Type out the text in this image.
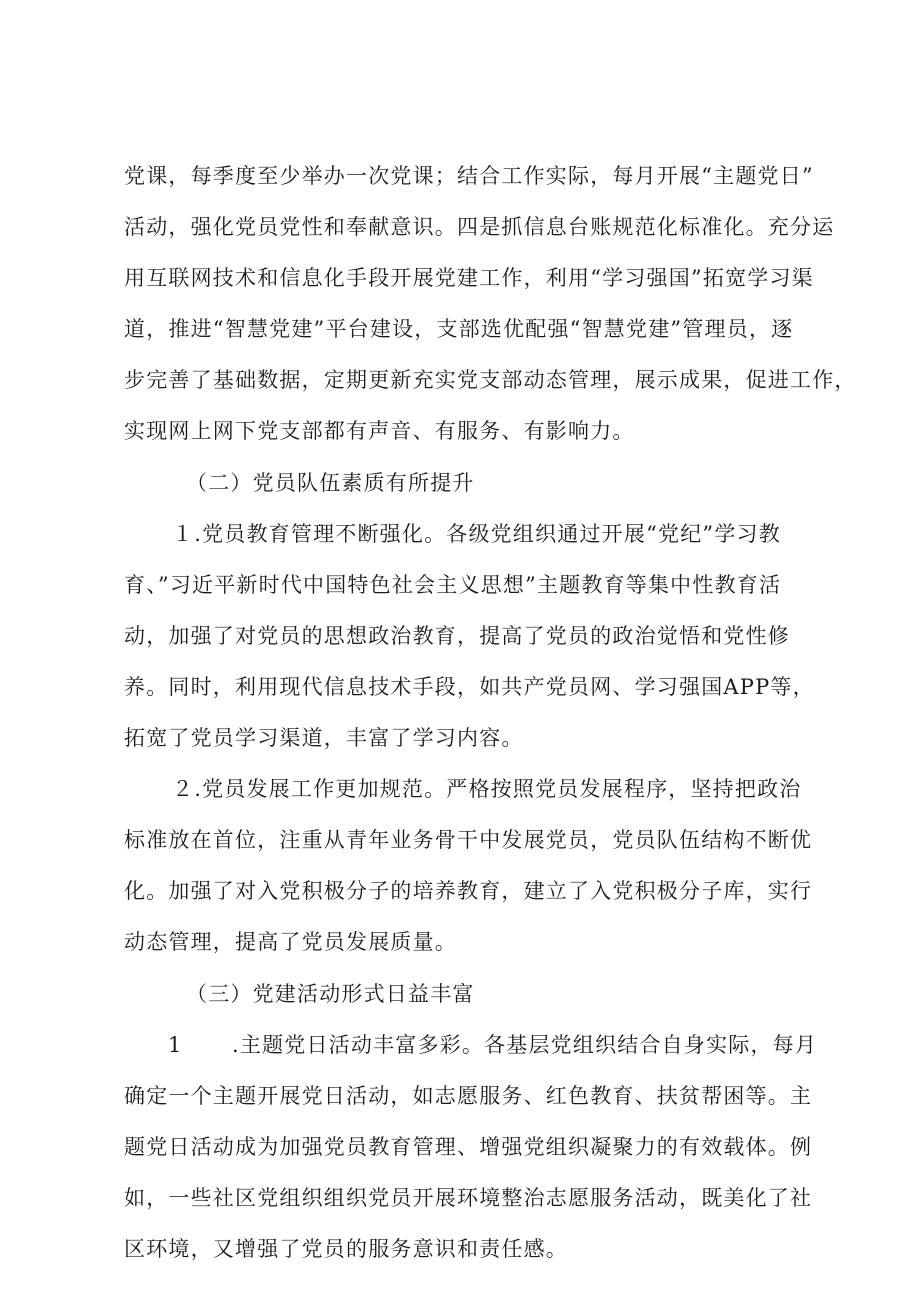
党课，每季度至少举办一次党课；结合工作实际，每月开展“主题党日”

活动，强化党员党性和奉献意识。四是抓信息台账规范化标准化。充分运

用互联网技术和信息化手段开展党建工作，利用“学习强国”拓宽学习渠

道，推进“智慧党建”平台建设，支部选优配强“智慧党建”管理员，逐

步完善了基础数据，定期更新充实党支部动态管理，展示成果，促进工作，

实现网上网下党支部都有声音、有服务、有影响力。

（二）党员队伍素质有所提升

１.党员教育管理不断强化。各级党组织通过开展“党纪”学习教

育、”习近平新时代中国特色社会主义思想”主题教育等集中性教育活

动，加强了对党员的思想政治教育，提高了党员的政治觉悟和党性修

养。同时，利用现代信息技术手段，如共产党员网、学习强国APP等，

拓宽了党员学习渠道，丰富了学习内容。

２.党员发展工作更加规范。严格按照党员发展程序，坚持把政治

标准放在首位，注重从青年业务骨干中发展党员，党员队伍结构不断优

化。加强了对入党积极分子的培养教育，建立了入党积极分子库，实行

动态管理，提高了党员发展质量。

（三）党建活动形式日益丰富

1 .主题党日活动丰富多彩。各基层党组织结合自身实际，每月

确定一个主题开展党日活动，如志愿服务、红色教育、扶贫帮困等。主

题党日活动成为加强党员教育管理、增强党组织凝聚力的有效载体。例

如，一些社区党组织组织党员开展环境整治志愿服务活动，既美化了社

区环境，又增强了党员的服务意识和责任感。
